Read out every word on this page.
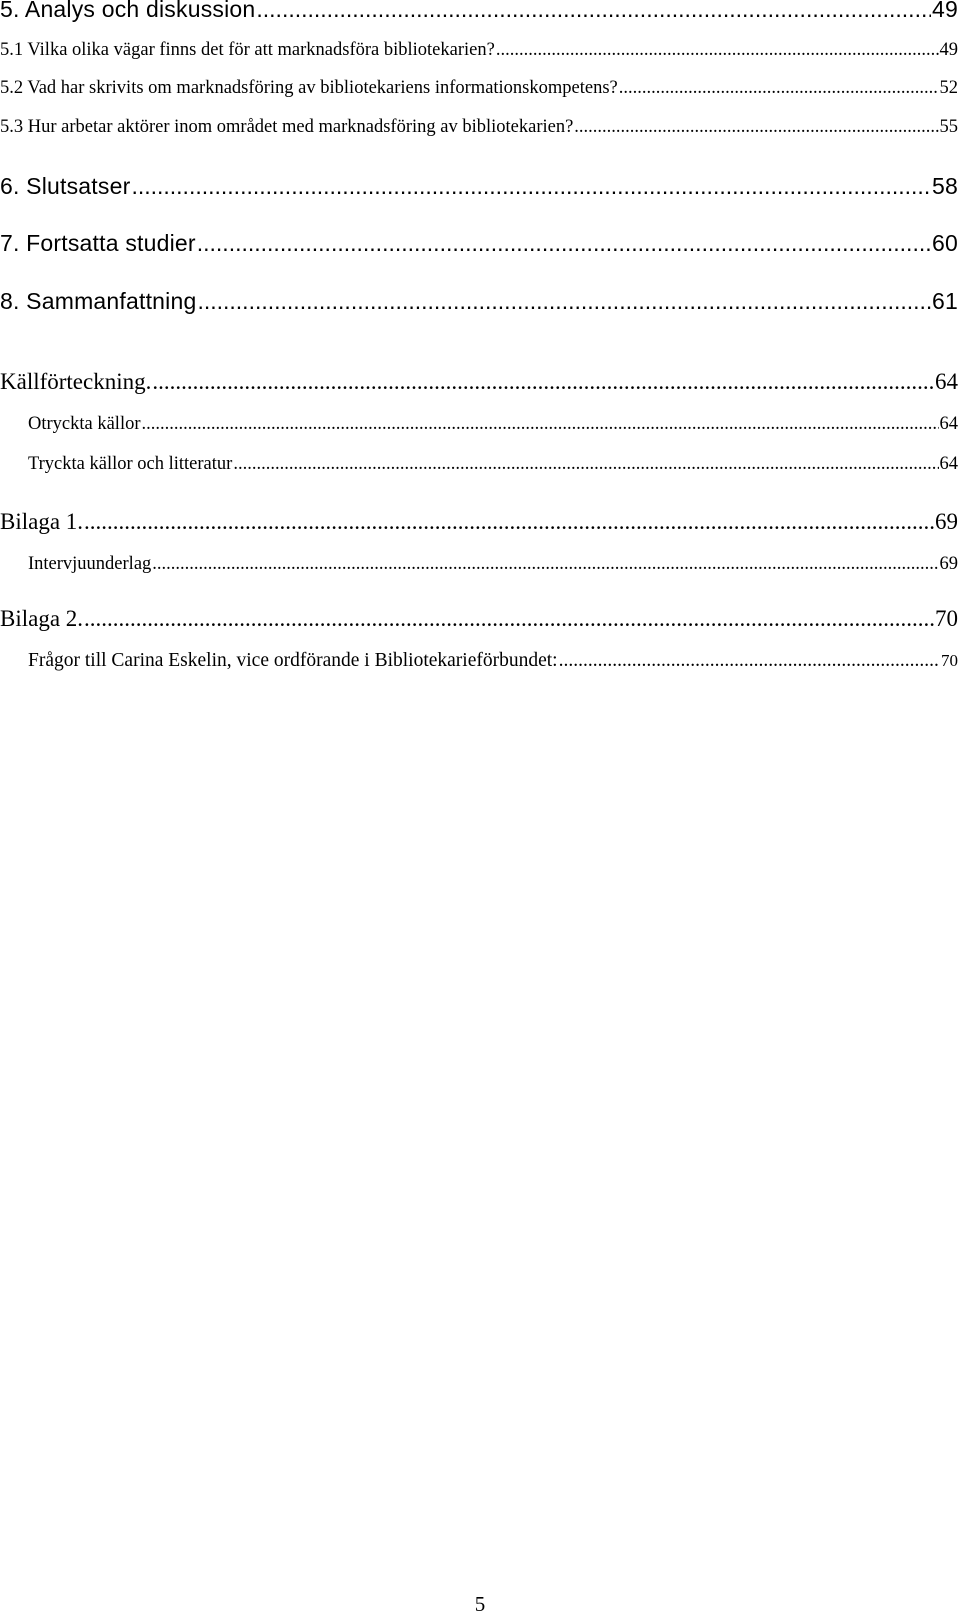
5. Analys och diskussion .....	49
5.1 Vilka olika vägar finns det för att marknadsföra bibliotekarien? .....	49
5.2 Vad har skrivits om marknadsföring av bibliotekariens informationskompetens? .....	52
5.3 Hur arbetar aktörer inom området med marknadsföring av bibliotekarien? .....	55
6. Slutsatser .....	58
7. Fortsatta studier .....	60
8. Sammanfattning .....	61
Källförteckning. .....	64
Otryckta källor .....	64
Tryckta källor och litteratur .....	64
Bilaga 1. .....	69
Intervjuunderlag .....	69
Bilaga 2. .....	70
Frågor till Carina Eskelin, vice ordförande i Bibliotekarieförbundet: .....	70
5
